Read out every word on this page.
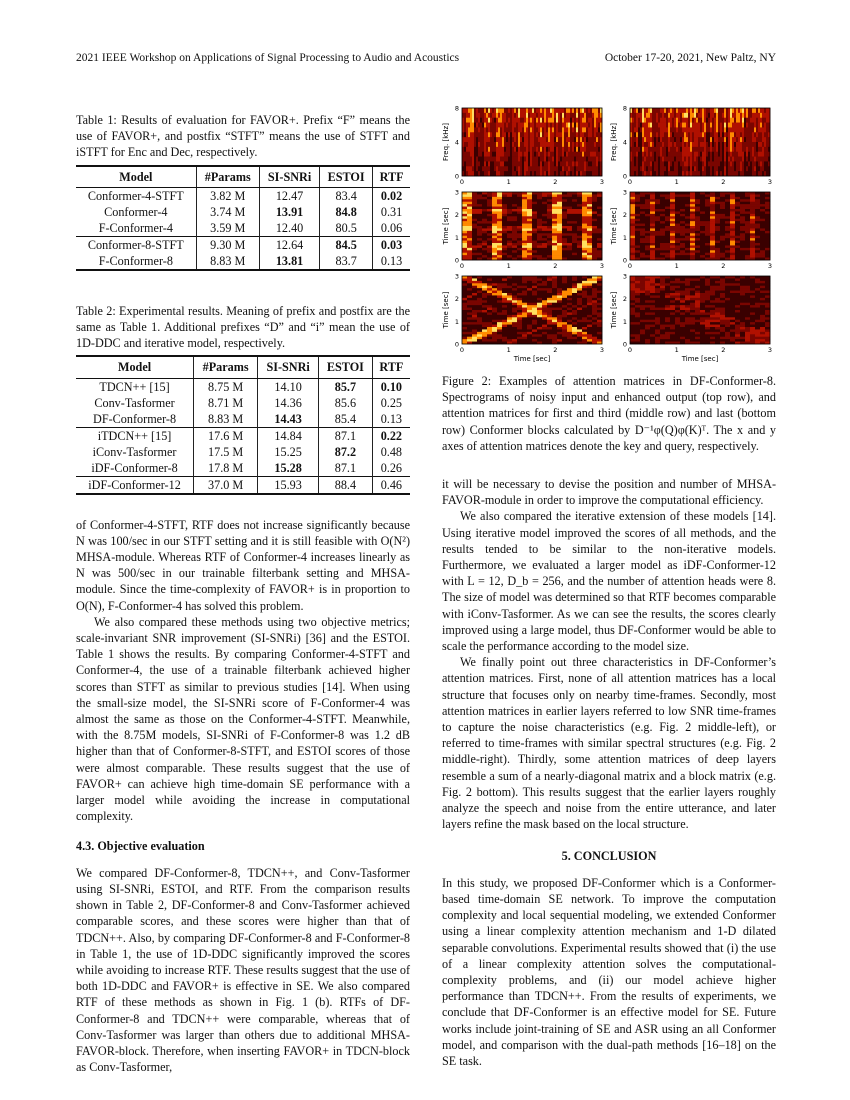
2021 IEEE Workshop on Applications of Signal Processing to Audio and Acoustics	October 17-20, 2021, New Paltz, NY

Table 1: Results of evaluation for FAVOR+. Prefix “F” means the use of FAVOR+, and postfix “STFT” means the use of STFT and iSTFT for Enc and Dec, respectively.

Model	#Params	SI-SNRi	ESTOI	RTF
Conformer-4-STFT	3.82 M	12.47	83.4	0.02
Conformer-4	3.74 M	13.91	84.8	0.31
F-Conformer-4	3.59 M	12.40	80.5	0.06
Conformer-8-STFT	9.30 M	12.64	84.5	0.03
F-Conformer-8	8.83 M	13.81	83.7	0.13

Table 2: Experimental results. Meaning of prefix and postfix are the same as Table 1. Additional prefixes “D” and “i” mean the use of 1D-DDC and iterative model, respectively.

Model	#Params	SI-SNRi	ESTOI	RTF
TDCN++ [15]	8.75 M	14.10	85.7	0.10
Conv-Tasformer	8.71 M	14.36	85.6	0.25
DF-Conformer-8	8.83 M	14.43	85.4	0.13
iTDCN++ [15]	17.6 M	14.84	87.1	0.22
iConv-Tasformer	17.5 M	15.25	87.2	0.48
iDF-Conformer-8	17.8 M	15.28	87.1	0.26
iDF-Conformer-12	37.0 M	15.93	88.4	0.46

of Conformer-4-STFT, RTF does not increase significantly because N was 100/sec in our STFT setting and it is still feasible with O(N²) MHSA-module. Whereas RTF of Conformer-4 increases linearly as N was 500/sec in our trainable filterbank setting and MHSA-module. Since the time-complexity of FAVOR+ is in proportion to O(N), F-Conformer-4 has solved this problem.

We also compared these methods using two objective metrics; scale-invariant SNR improvement (SI-SNRi) [36] and the ESTOI. Table 1 shows the results. By comparing Conformer-4-STFT and Conformer-4, the use of a trainable filterbank achieved higher scores than STFT as similar to previous studies [14]. When using the small-size model, the SI-SNRi score of F-Conformer-4 was almost the same as those on the Conformer-4-STFT. Meanwhile, with the 8.75M models, SI-SNRi of F-Conformer-8 was 1.2 dB higher than that of Conformer-8-STFT, and ESTOI scores of those were almost comparable. These results suggest that the use of FAVOR+ can achieve high time-domain SE performance with a larger model while avoiding the increase in computational complexity.

4.3. Objective evaluation

We compared DF-Conformer-8, TDCN++, and Conv-Tasformer using SI-SNRi, ESTOI, and RTF. From the comparison results shown in Table 2, DF-Conformer-8 and Conv-Tasformer achieved comparable scores, and these scores were higher than that of TDCN++. Also, by comparing DF-Conformer-8 and F-Conformer-8 in Table 1, the use of 1D-DDC significantly improved the scores while avoiding to increase RTF. These results suggest that the use of both 1D-DDC and FAVOR+ is effective in SE. We also compared RTF of these methods as shown in Fig. 1 (b). RTFs of DF-Conformer-8 and TDCN++ were comparable, whereas that of Conv-Tasformer was larger than others due to additional MHSA-FAVOR-block. Therefore, when inserting FAVOR+ in TDCN-block as Conv-Tasformer,

0
4
8
0	1	2	3
Freq. [kHz]
0
4
8
0	1	2	3
Freq. [kHz]
0
1
2
3
0	1	2	3
Time [sec]
0
1
2
3
0	1	2	3
Time [sec]
0
1
2
3
0	1	2	3
Time [sec]
Time [sec]
0
1
2
3
0	1	2	3
Time [sec]
Time [sec]

Figure 2: Examples of attention matrices in DF-Conformer-8. Spectrograms of noisy input and enhanced output (top row), and attention matrices for first and third (middle row) and last (bottom row) Conformer blocks calculated by D⁻¹φ(Q)φ(K)ᵀ. The x and y axes of attention matrices denote the key and query, respectively.

it will be necessary to devise the position and number of MHSA-FAVOR-module in order to improve the computational efficiency.

We also compared the iterative extension of these models [14]. Using iterative model improved the scores of all methods, and the results tended to be similar to the non-iterative models. Furthermore, we evaluated a larger model as iDF-Conformer-12 with L = 12, D_b = 256, and the number of attention heads were 8. The size of model was determined so that RTF becomes comparable with iConv-Tasformer. As we can see the results, the scores clearly improved using a large model, thus DF-Conformer would be able to scale the performance according to the model size.

We finally point out three characteristics in DF-Conformer’s attention matrices. First, none of all attention matrices has a local structure that focuses only on nearby time-frames. Secondly, most attention matrices in earlier layers referred to low SNR time-frames to capture the noise characteristics (e.g. Fig. 2 middle-left), or referred to time-frames with similar spectral structures (e.g. Fig. 2 middle-right). Thirdly, some attention matrices of deep layers resemble a sum of a nearly-diagonal matrix and a block matrix (e.g. Fig. 2 bottom). This results suggest that the earlier layers roughly analyze the speech and noise from the entire utterance, and later layers refine the mask based on the local structure.

5. CONCLUSION

In this study, we proposed DF-Conformer which is a Conformer-based time-domain SE network. To improve the computation complexity and local sequential modeling, we extended Conformer using a linear complexity attention mechanism and 1-D dilated separable convolutions. Experimental results showed that (i) the use of a linear complexity attention solves the computational-complexity problems, and (ii) our model achieve higher performance than TDCN++. From the results of experiments, we conclude that DF-Conformer is an effective model for SE. Future works include joint-training of SE and ASR using an all Conformer model, and comparison with the dual-path methods [16–18] on the SE task.
